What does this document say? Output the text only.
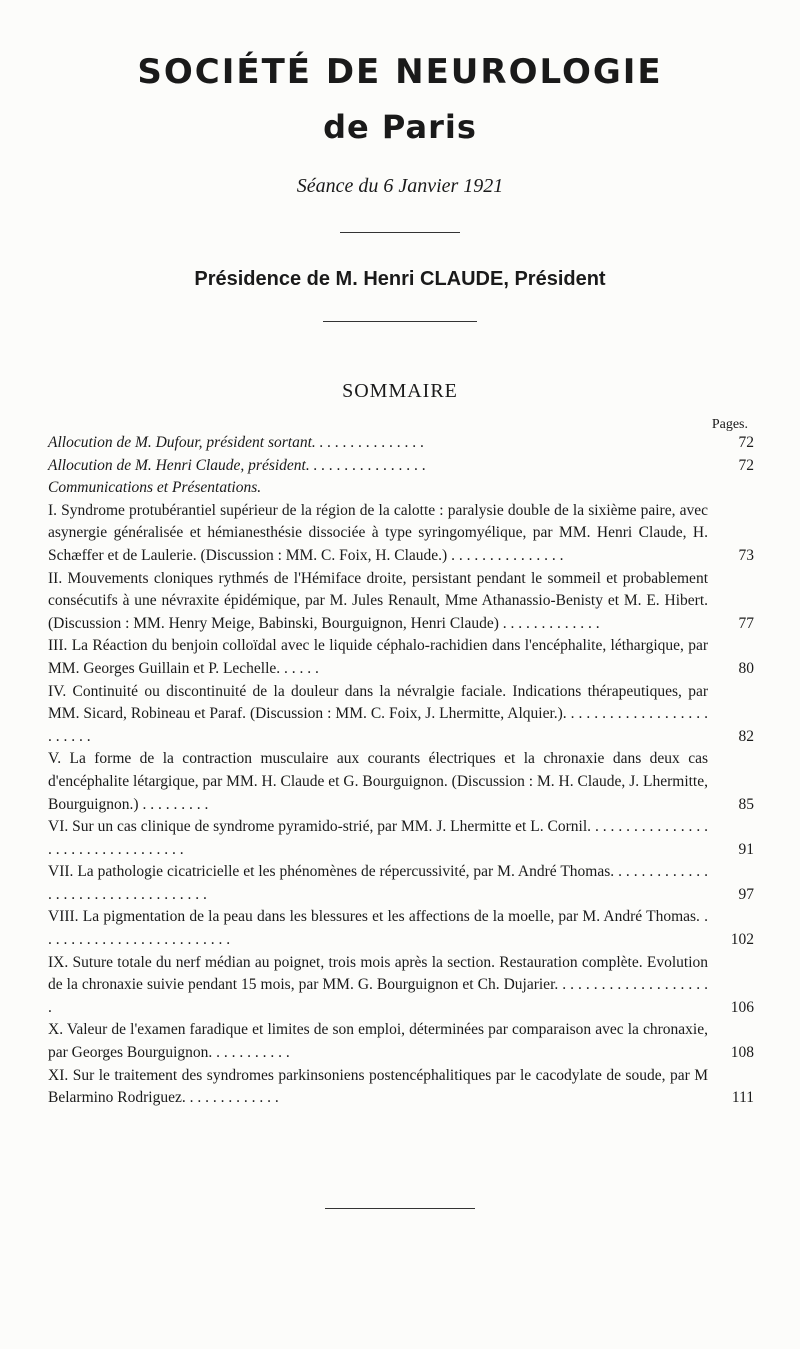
SOCIÉTÉ DE NEUROLOGIE
de Paris
Séance du 6 Janvier 1921
Présidence de M. Henri CLAUDE, Président
SOMMAIRE
Pages.
Allocution de M. Dufour, président sortant. . . . . . . . . . . . . . .	72
Allocution de M. Henri Claude, président. . . . . . . . . . . . . . . .	72
Communications et Présentations.
I. Syndrome protubérantiel supérieur de la région de la calotte : paralysie double de la sixième paire, avec asynergie généralisée et hémianesthésie dissociée à type syringomyélique, par MM. Henri Claude, H. Schæffer et de Laulerie. (Discussion : MM. C. Foix, H. Claude.) . . . . . . . . . . . . . . .	73
II. Mouvements cloniques rythmés de l'Hémiface droite, persistant pendant le sommeil et probablement consécutifs à une névraxite épidémique, par M. Jules Renault, Mme Athanassio-Benisty et M. E. Hibert. (Discussion : MM. Henry Meige, Babinski, Bourguignon, Henri Claude) . . . . . . . . . . . . .	77
III. La Réaction du benjoin colloïdal avec le liquide céphalo-rachidien dans l'encéphalite, léthargique, par MM. Georges Guillain et P. Lechelle. . . . . .	80
IV. Continuité ou discontinuité de la douleur dans la névralgie faciale. Indications thérapeutiques, par MM. Sicard, Robineau et Paraf. (Discussion : MM. C. Foix, J. Lhermitte, Alquier.). . . . . . . . . . . . . . . . . . . . . . . . .	82
V. La forme de la contraction musculaire aux courants électriques et la chronaxie dans deux cas d'encéphalite létargique, par MM. H. Claude et G. Bourguignon. (Discussion : M. H. Claude, J. Lhermitte, Bourguignon.) . . . . . . . . .	85
VI. Sur un cas clinique de syndrome pyramido-strié, par MM. J. Lhermitte et L. Cornil. . . . . . . . . . . . . . . . . . . . . . . . . . . . . . . . . .	91
VII. La pathologie cicatricielle et les phénomènes de répercussivité, par M. André Thomas. . . . . . . . . . . . . . . . . . . . . . . . . . . . . . . . . .	97
VIII. La pigmentation de la peau dans les blessures et les affections de la moelle, par M. André Thomas. . . . . . . . . . . . . . . . . . . . . . . . . .	102
IX. Suture totale du nerf médian au poignet, trois mois après la section. Restauration complète. Evolution de la chronaxie suivie pendant 15 mois, par MM. G. Bourguignon et Ch. Dujarier. . . . . . . . . . . . . . . . . . . . .	106
X. Valeur de l'examen faradique et limites de son emploi, déterminées par comparaison avec la chronaxie, par Georges Bourguignon. . . . . . . . . . .	108
XI. Sur le traitement des syndromes parkinsoniens postencéphalitiques par le cacodylate de soude, par M Belarmino Rodriguez. . . . . . . . . . . . .	111
